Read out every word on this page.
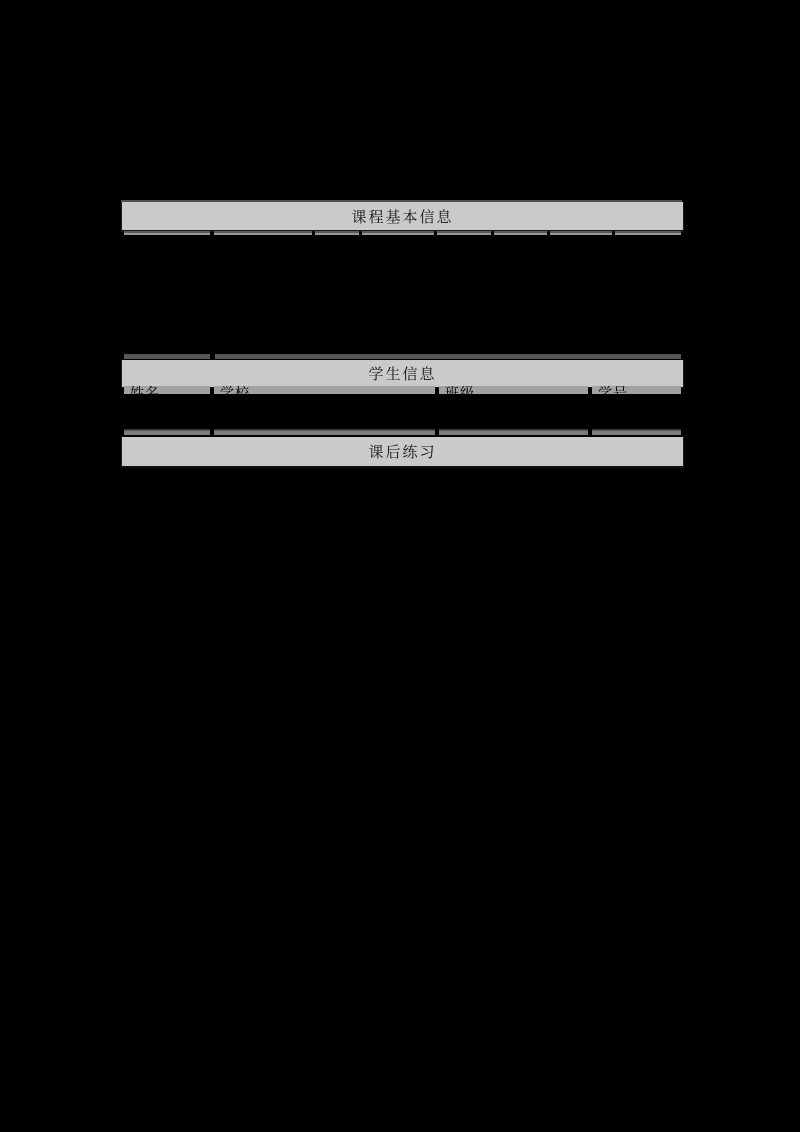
课程基本信息
学生信息
姓名	学校	班级	学号
课后练习
